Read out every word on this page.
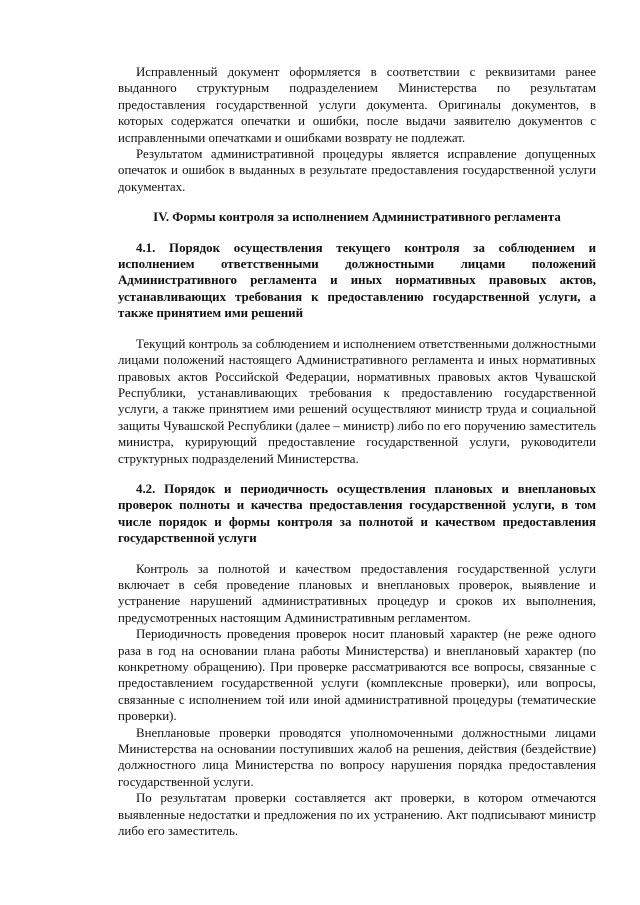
Исправленный документ оформляется в соответствии с реквизитами ранее выданного структурным подразделением Министерства по результатам предоставления государственной услуги документа. Оригиналы документов, в которых содержатся опечатки и ошибки, после выдачи заявителю документов с исправленными опечатками и ошибками возврату не подлежат.

Результатом административной процедуры является исправление допущенных опечаток и ошибок в выданных в результате предоставления государственной услуги документах.

IV. Формы контроля за исполнением Административного регламента

4.1. Порядок осуществления текущего контроля за соблюдением и исполнением ответственными должностными лицами положений Административного регламента и иных нормативных правовых актов, устанавливающих требования к предоставлению государственной услуги, а также принятием ими решений

Текущий контроль за соблюдением и исполнением ответственными должностными лицами положений настоящего Административного регламента и иных нормативных правовых актов Российской Федерации, нормативных правовых актов Чувашской Республики, устанавливающих требования к предоставлению государственной услуги, а также принятием ими решений осуществляют министр труда и социальной защиты Чувашской Республики (далее – министр) либо по его поручению заместитель министра, курирующий предоставление государственной услуги, руководители структурных подразделений Министерства.

4.2. Порядок и периодичность осуществления плановых и внеплановых проверок полноты и качества предоставления государственной услуги, в том числе порядок и формы контроля за полнотой и качеством предоставления государственной услуги

Контроль за полнотой и качеством предоставления государственной услуги включает в себя проведение плановых и внеплановых проверок, выявление и устранение нарушений административных процедур и сроков их выполнения, предусмотренных настоящим Административным регламентом.

Периодичность проведения проверок носит плановый характер (не реже одного раза в год на основании плана работы Министерства) и внеплановый характер (по конкретному обращению). При проверке рассматриваются все вопросы, связанные с предоставлением государственной услуги (комплексные проверки), или вопросы, связанные с исполнением той или иной административной процедуры (тематические проверки).

Внеплановые проверки проводятся уполномоченными должностными лицами Министерства на основании поступивших жалоб на решения, действия (бездействие) должностного лица Министерства по вопросу нарушения порядка предоставления государственной услуги.

По результатам проверки составляется акт проверки, в котором отмечаются выявленные недостатки и предложения по их устранению. Акт подписывают министр либо его заместитель.
